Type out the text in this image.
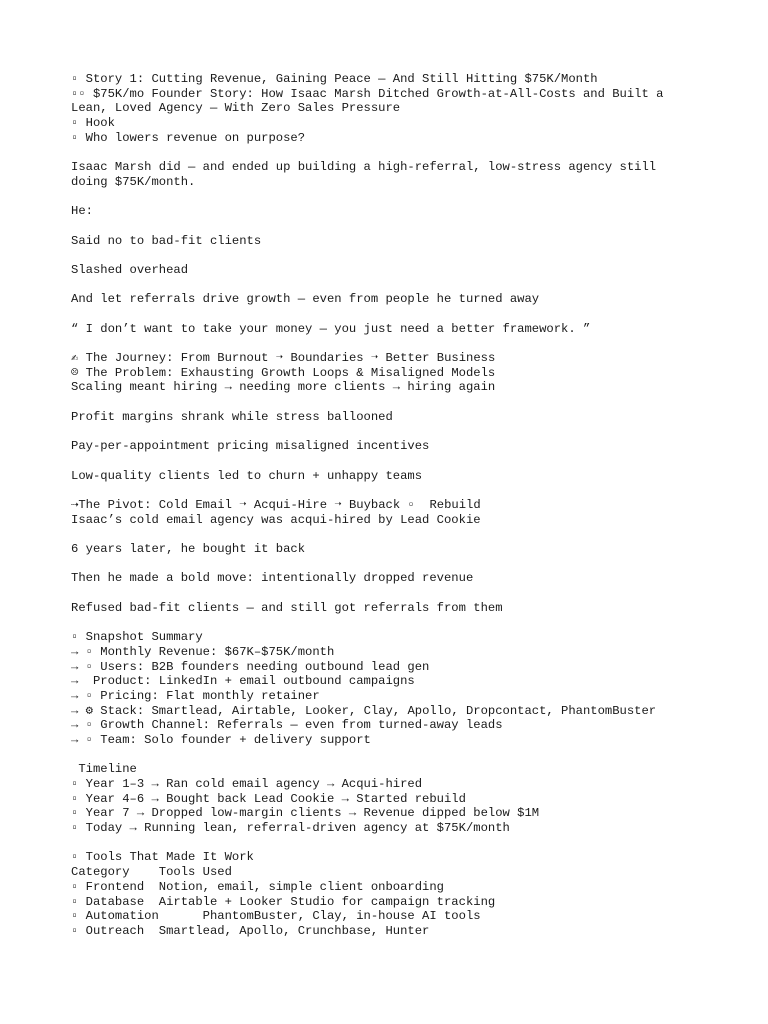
▫ Story 1: Cutting Revenue, Gaining Peace — And Still Hitting $75K/Month
▫▫ $75K/mo Founder Story: How Isaac Marsh Ditched Growth-at-All-Costs and Built a
Lean, Loved Agency — With Zero Sales Pressure
▫ Hook
▫ Who lowers revenue on purpose?
Isaac Marsh did — and ended up building a high-referral, low-stress agency still
doing $75K/month.
He:
Said no to bad-fit clients
Slashed overhead
And let referrals drive growth — even from people he turned away
“ I don’t want to take your money — you just need a better framework. ”
✍ The Journey: From Burnout ➝ Boundaries ➝ Better Business
☹ The Problem: Exhausting Growth Loops & Misaligned Models
Scaling meant hiring → needing more clients → hiring again
Profit margins shrank while stress ballooned
Pay-per-appointment pricing misaligned incentives
Low-quality clients led to churn + unhappy teams
⇢The Pivot: Cold Email ➝ Acqui-Hire ➝ Buyback ▫  Rebuild
Isaac’s cold email agency was acqui-hired by Lead Cookie
6 years later, he bought it back
Then he made a bold move: intentionally dropped revenue
Refused bad-fit clients — and still got referrals from them
▫ Snapshot Summary
→ ▫ Monthly Revenue: $67K–$75K/month
→ ▫ Users: B2B founders needing outbound lead gen
→  Product: LinkedIn + email outbound campaigns
→ ▫ Pricing: Flat monthly retainer
→ ⚙ Stack: Smartlead, Airtable, Looker, Clay, Apollo, Dropcontact, PhantomBuster
→ ▫ Growth Channel: Referrals — even from turned-away leads
→ ▫ Team: Solo founder + delivery support
Timeline
▫ Year 1–3 → Ran cold email agency → Acqui-hired
▫ Year 4–6 → Bought back Lead Cookie → Started rebuild
▫ Year 7 → Dropped low-margin clients → Revenue dipped below $1M
▫ Today → Running lean, referral-driven agency at $75K/month
▫ Tools That Made It Work
Category    Tools Used
▫ Frontend  Notion, email, simple client onboarding
▫ Database  Airtable + Looker Studio for campaign tracking
▫ Automation      PhantomBuster, Clay, in-house AI tools
▫ Outreach  Smartlead, Apollo, Crunchbase, Hunter
